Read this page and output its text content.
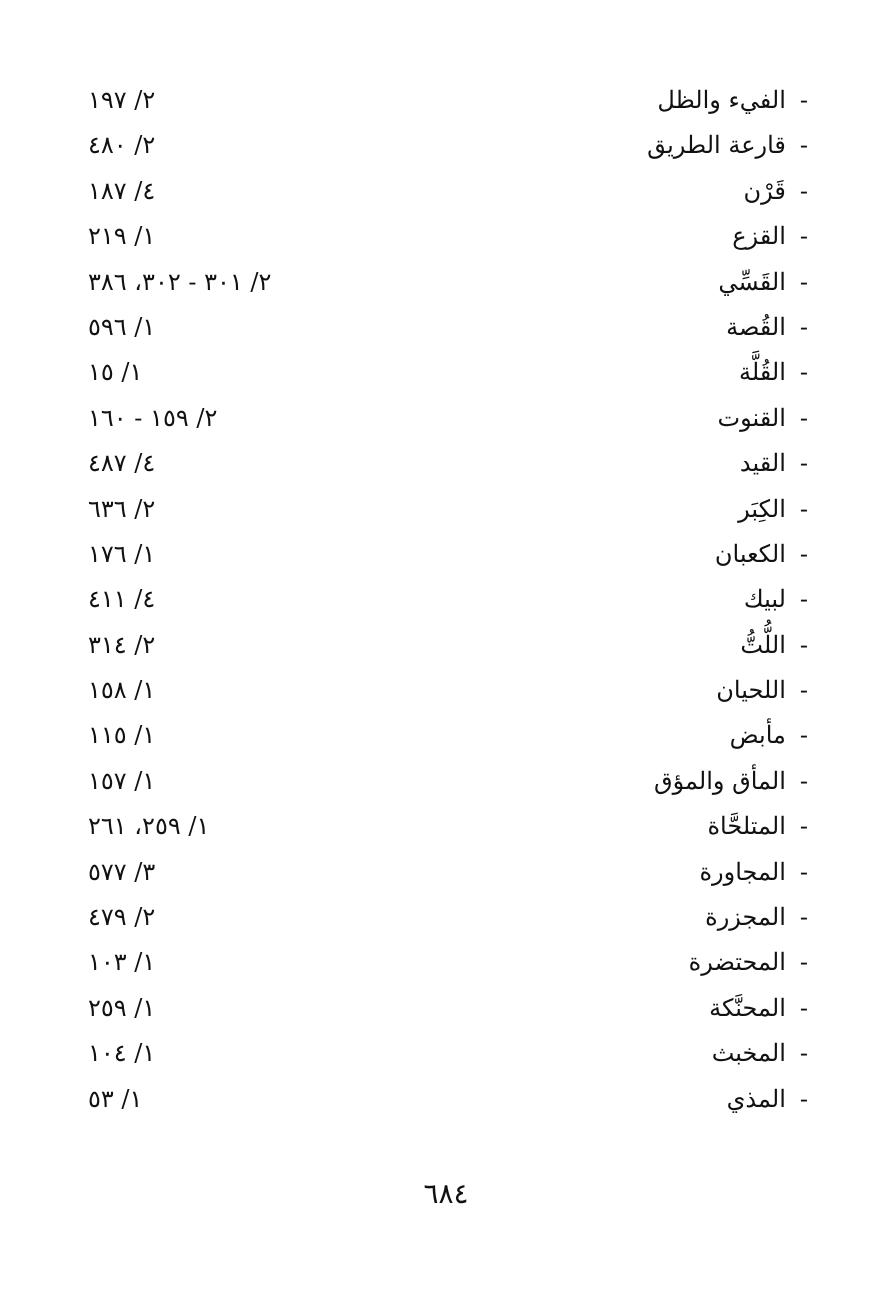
-الفيء والظل
٢/ ١٩٧
-قارعة الطريق
٢/ ٤٨٠
-قَرْن
٤/ ١٨٧
-القزع
١/ ٢١٩
-القَسِّي
٢/ ٣٠١ - ٣٠٢، ٣٨٦
-القُصة
١/ ٥٩٦
-القُلَّة
١/ ١٥
-القنوت
٢/ ١٥٩ - ١٦٠
-القيد
٤/ ٤٨٧
-الكِبَر
٢/ ٦٣٦
-الكعبان
١/ ١٧٦
-لبيك
٤/ ٤١١
-اللُّتُّ
٢/ ٣١٤
-اللحيان
١/ ١٥٨
-مأبض
١/ ١١٥
-المأق والمؤق
١/ ١٥٧
-المتلحَّاة
١/ ٢٥٩، ٢٦١
-المجاورة
٣/ ٥٧٧
-المجزرة
٢/ ٤٧٩
-المحتضرة
١/ ١٠٣
-المحنَّكة
١/ ٢٥٩
-المخبث
١/ ١٠٤
-المذي
١/ ٥٣
٦٨٤
